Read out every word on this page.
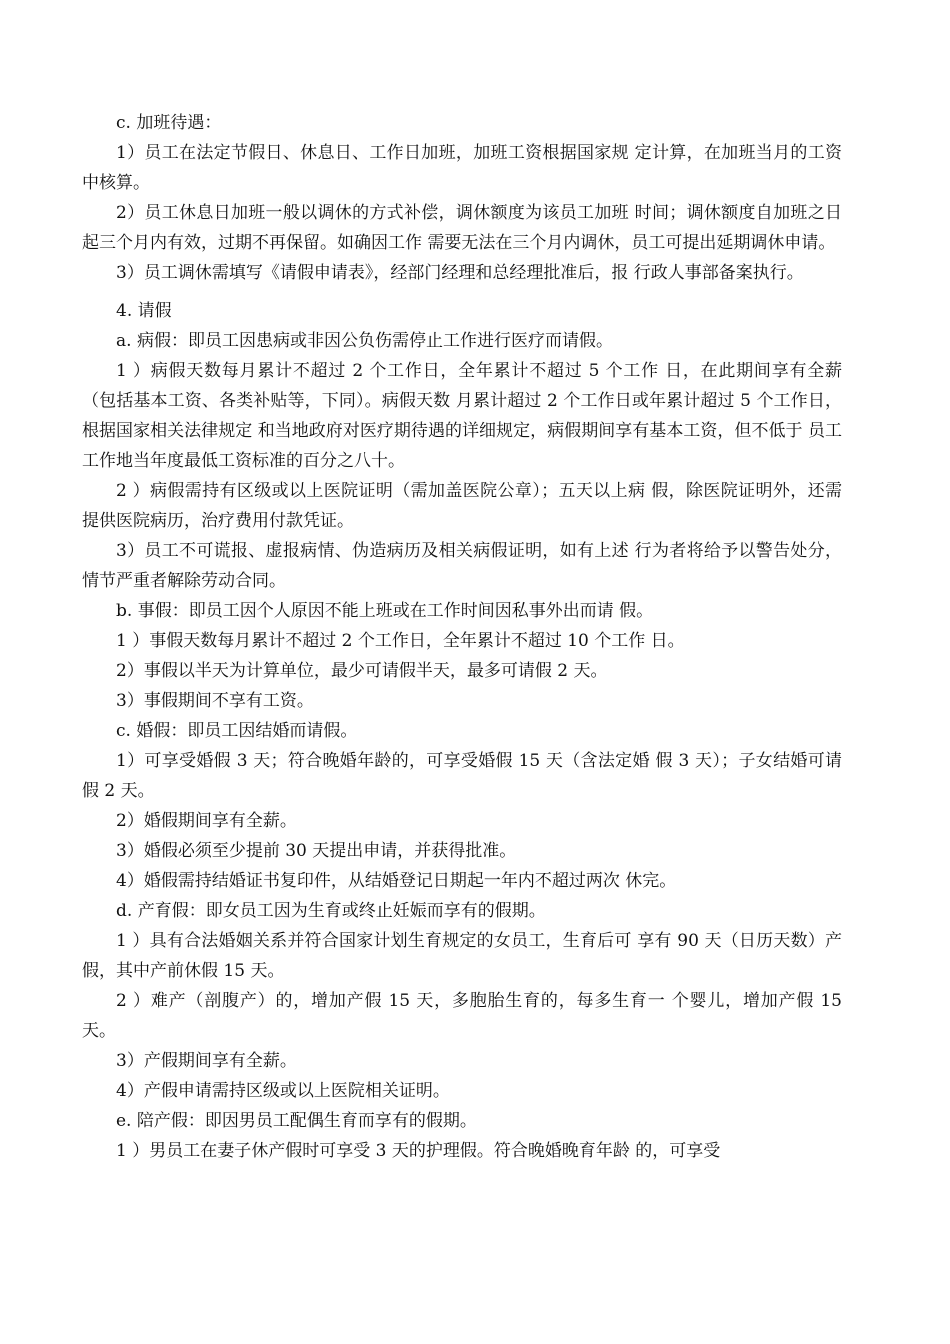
c. 加班待遇：

1）员工在法定节假日、休息日、工作日加班，加班工资根据国家规 定计算，在加班当月的工资中核算。

2）员工休息日加班一般以调休的方式补偿，调休额度为该员工加班 时间；调休额度自加班之日起三个月内有效，过期不再保留。如确因工作 需要无法在三个月内调休，员工可提出延期调休申请。

3）员工调休需填写《请假申请表》，经部门经理和总经理批准后，报 行政人事部备案执行。

4. 请假

a. 病假：即员工因患病或非因公负伤需停止工作进行医疗而请假。

1 ）病假天数每月累计不超过 2 个工作日，全年累计不超过 5 个工作 日，在此期间享有全薪（包括基本工资、各类补贴等，下同）。病假天数 月累计超过 2 个工作日或年累计超过 5 个工作日，根据国家相关法律规定 和当地政府对医疗期待遇的详细规定，病假期间享有基本工资，但不低于 员工工作地当年度最低工资标准的百分之八十。

2 ）病假需持有区级或以上医院证明（需加盖医院公章）；五天以上病 假，除医院证明外，还需提供医院病历，治疗费用付款凭证。

3）员工不可谎报、虚报病情、伪造病历及相关病假证明，如有上述 行为者将给予以警告处分，情节严重者解除劳动合同。

b. 事假：即员工因个人原因不能上班或在工作时间因私事外出而请 假。

1 ）事假天数每月累计不超过 2 个工作日，全年累计不超过 10 个工作 日。

2）事假以半天为计算单位，最少可请假半天，最多可请假 2 天。

3）事假期间不享有工资。

c. 婚假：即员工因结婚而请假。

1）可享受婚假 3 天；符合晚婚年龄的，可享受婚假 15 天（含法定婚 假 3 天）；子女结婚可请假 2 天。

2）婚假期间享有全薪。

3）婚假必须至少提前 30 天提出申请，并获得批准。

4）婚假需持结婚证书复印件，从结婚登记日期起一年内不超过两次 休完。

d. 产育假：即女员工因为生育或终止妊娠而享有的假期。

1 ）具有合法婚姻关系并符合国家计划生育规定的女员工，生育后可 享有 90 天（日历天数）产假，其中产前休假 15 天。

2 ）难产（剖腹产）的，增加产假 15 天，多胞胎生育的，每多生育一 个婴儿，增加产假 15 天。

3）产假期间享有全薪。

4）产假申请需持区级或以上医院相关证明。

e. 陪产假：即因男员工配偶生育而享有的假期。

1 ）男员工在妻子休产假时可享受 3 天的护理假。符合晚婚晚育年龄 的，可享受
